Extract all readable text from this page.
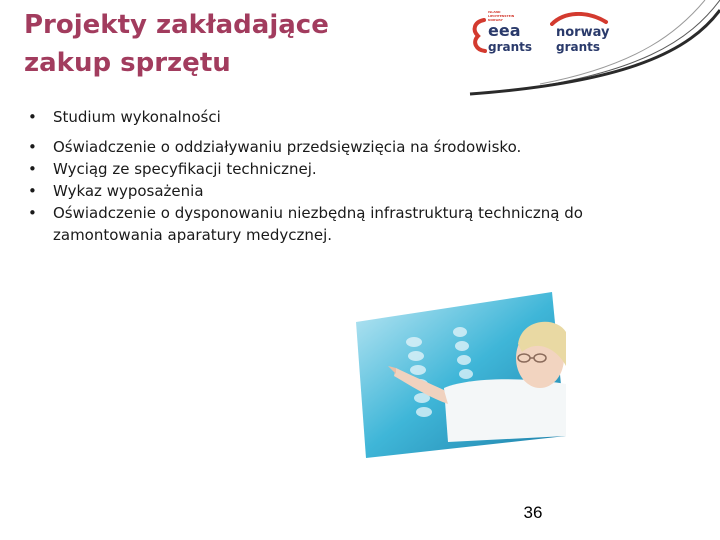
Projekty zakładające
zakup sprzętu
ISLAND LIECHTENSTEIN NORWAY
eea
grants
norway
grants
•	Studium wykonalności
•	Oświadczenie o oddziaływaniu przedsięwzięcia na środowisko.
•	Wyciąg ze specyfikacji technicznej.
•	Wykaz wyposażenia
•	Oświadczenie o dysponowaniu niezbędną infrastrukturą techniczną do zamontowania aparatury medycznej.
36
